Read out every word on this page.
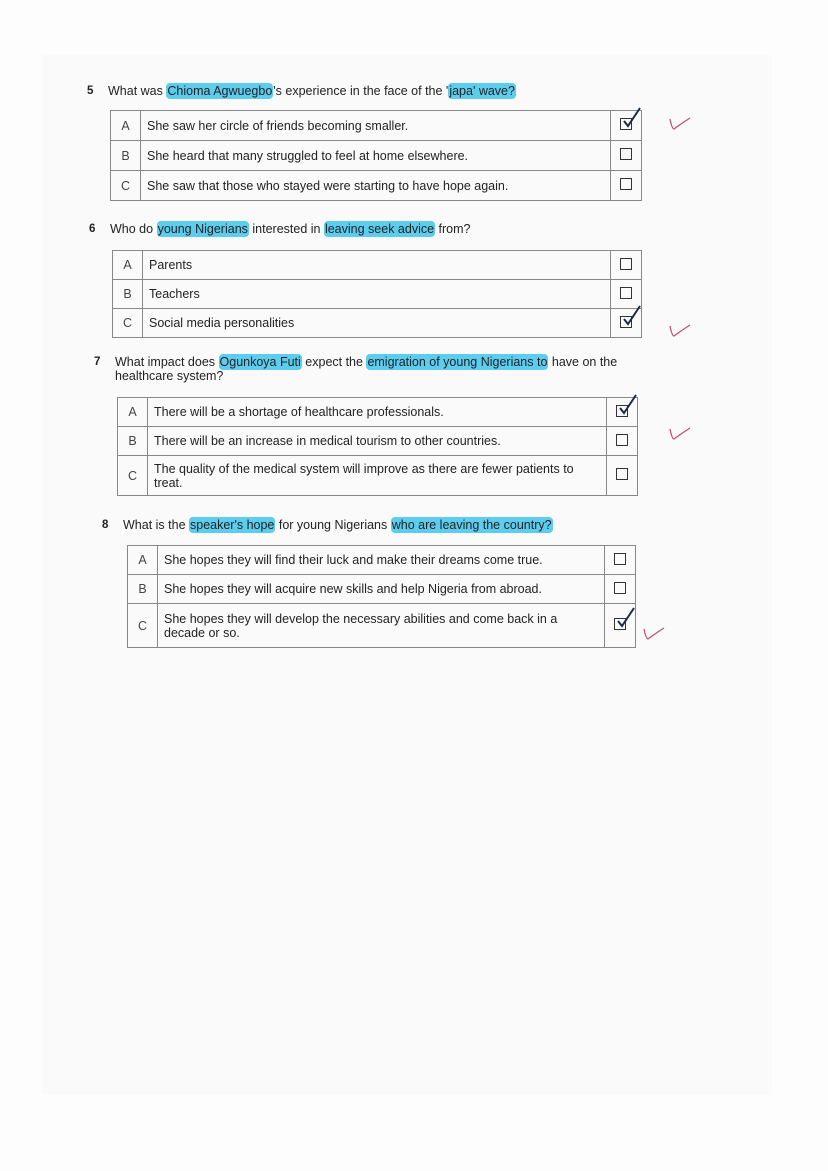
5 What was Chioma Agwuegbo's experience in the face of the 'japa' wave?
A	She saw her circle of friends becoming smaller.	

B	She heard that many struggled to feel at home elsewhere.	
C	She saw that those who stayed were starting to have hope again.	
6 Who do young Nigerians interested in leaving seek advice from?
A	Parents	
B	Teachers	
C	Social media personalities	
7 What impact does Ogunkoya Futi expect the emigration of young Nigerians to have on the healthcare system?
A	There will be a shortage of healthcare professionals.	

B	There will be an increase in medical tourism to other countries.	
C	The quality of the medical system will improve as there are fewer patients to treat.	
8 What is the speaker's hope for young Nigerians who are leaving the country?
A	She hopes they will find their luck and make their dreams come true.	
B	She hopes they will acquire new skills and help Nigeria from abroad.	
C	She hopes they will develop the necessary abilities and come back in a decade or so.	
